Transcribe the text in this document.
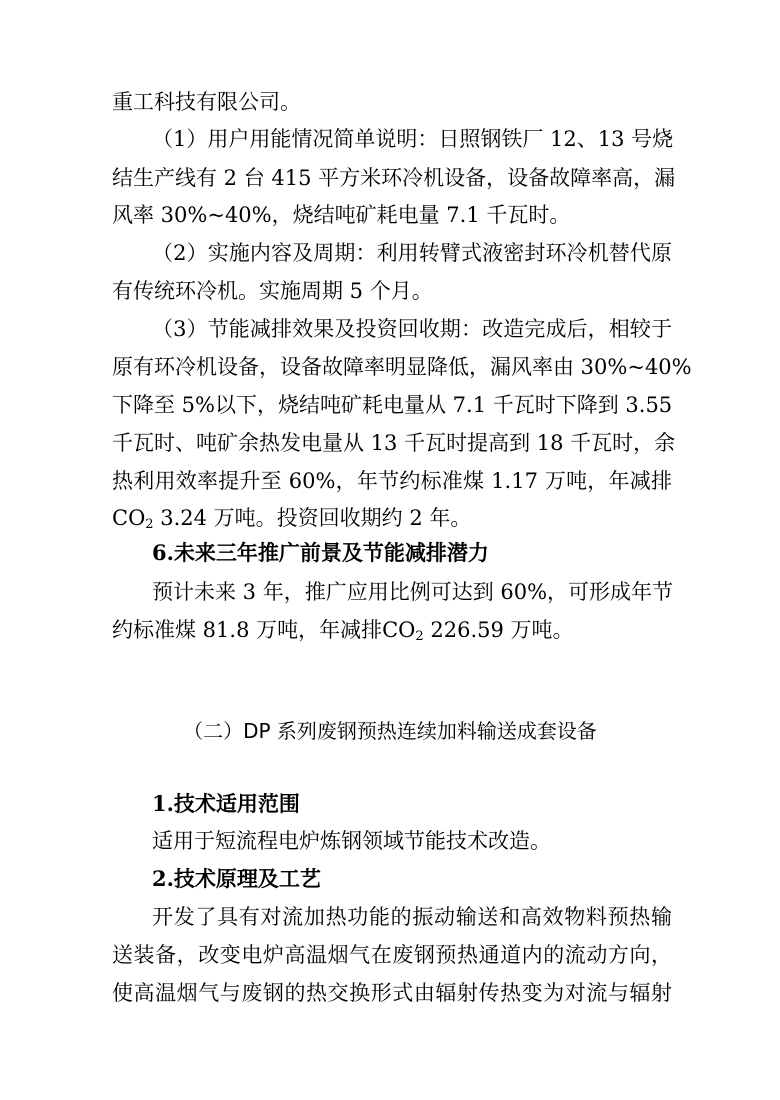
重工科技有限公司。
（1）用户用能情况简单说明：日照钢铁厂 12、13 号烧
结生产线有 2 台 415 平方米环冷机设备，设备故障率高，漏
风率 30%~40%，烧结吨矿耗电量 7.1 千瓦时。
（2）实施内容及周期：利用转臂式液密封环冷机替代原
有传统环冷机。实施周期 5 个月。
（3）节能减排效果及投资回收期：改造完成后，相较于
原有环冷机设备，设备故障率明显降低，漏风率由 30%~40%
下降至 5%以下，烧结吨矿耗电量从 7.1 千瓦时下降到 3.55
千瓦时、吨矿余热发电量从 13 千瓦时提高到 18 千瓦时，余
热利用效率提升至 60%，年节约标准煤 1.17 万吨，年减排
$CO_2$ 3.24 万吨。投资回收期约 2 年。
6.未来三年推广前景及节能减排潜力
预计未来 3 年，推广应用比例可达到 60%，可形成年节
约标准煤 81.8 万吨，年减排$CO_2$ 226.59 万吨。
（二）DP 系列废钢预热连续加料输送成套设备
1.技术适用范围
适用于短流程电炉炼钢领域节能技术改造。
2.技术原理及工艺
开发了具有对流加热功能的振动输送和高效物料预热输
送装备，改变电炉高温烟气在废钢预热通道内的流动方向，
使高温烟气与废钢的热交换形式由辐射传热变为对流与辐射
